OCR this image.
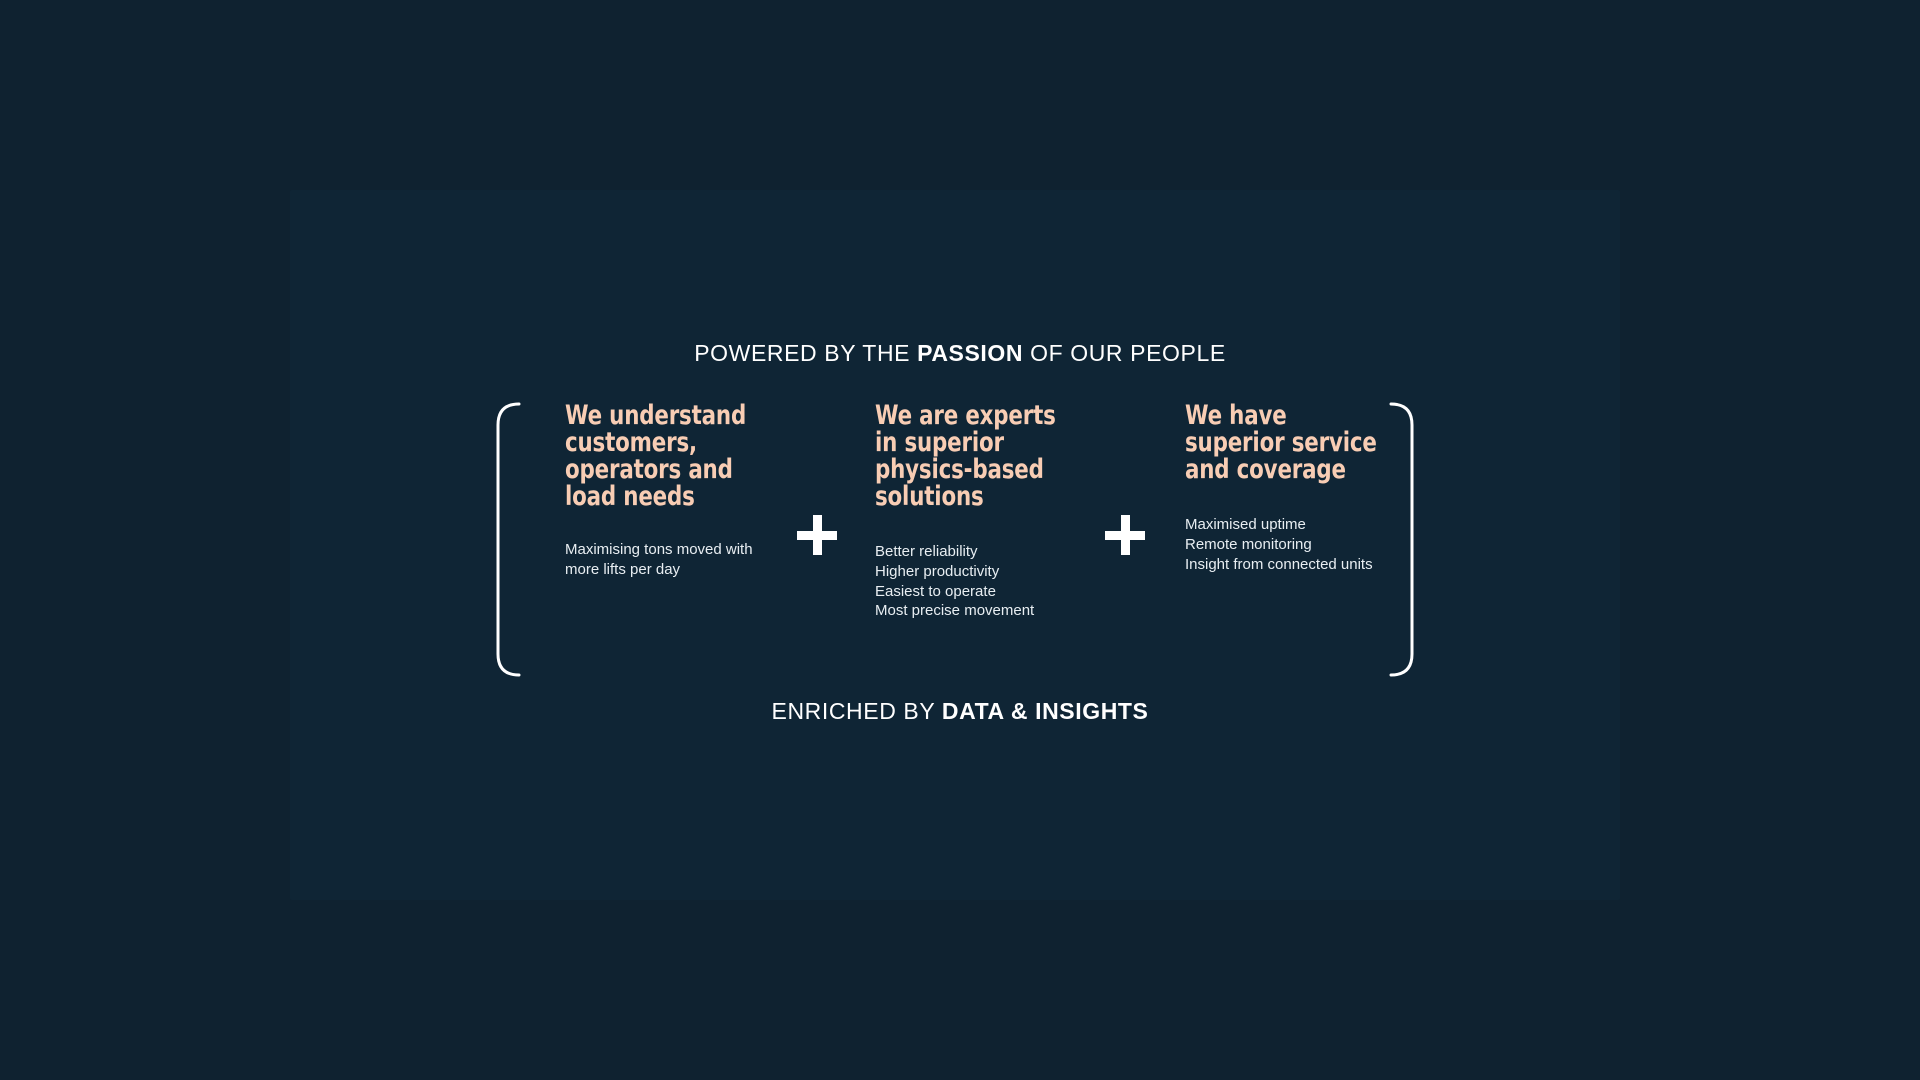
POWERED BY THE PASSION OF OUR PEOPLE
We understand customers, operators and load needs
Maximising tons moved with
more lifts per day
We are experts in superior physics-based solutions
Better reliability
Higher productivity
Easiest to operate
Most precise movement
We have superior service and coverage
Maximised uptime
Remote monitoring
Insight from connected units
ENRICHED BY DATA & INSIGHTS
